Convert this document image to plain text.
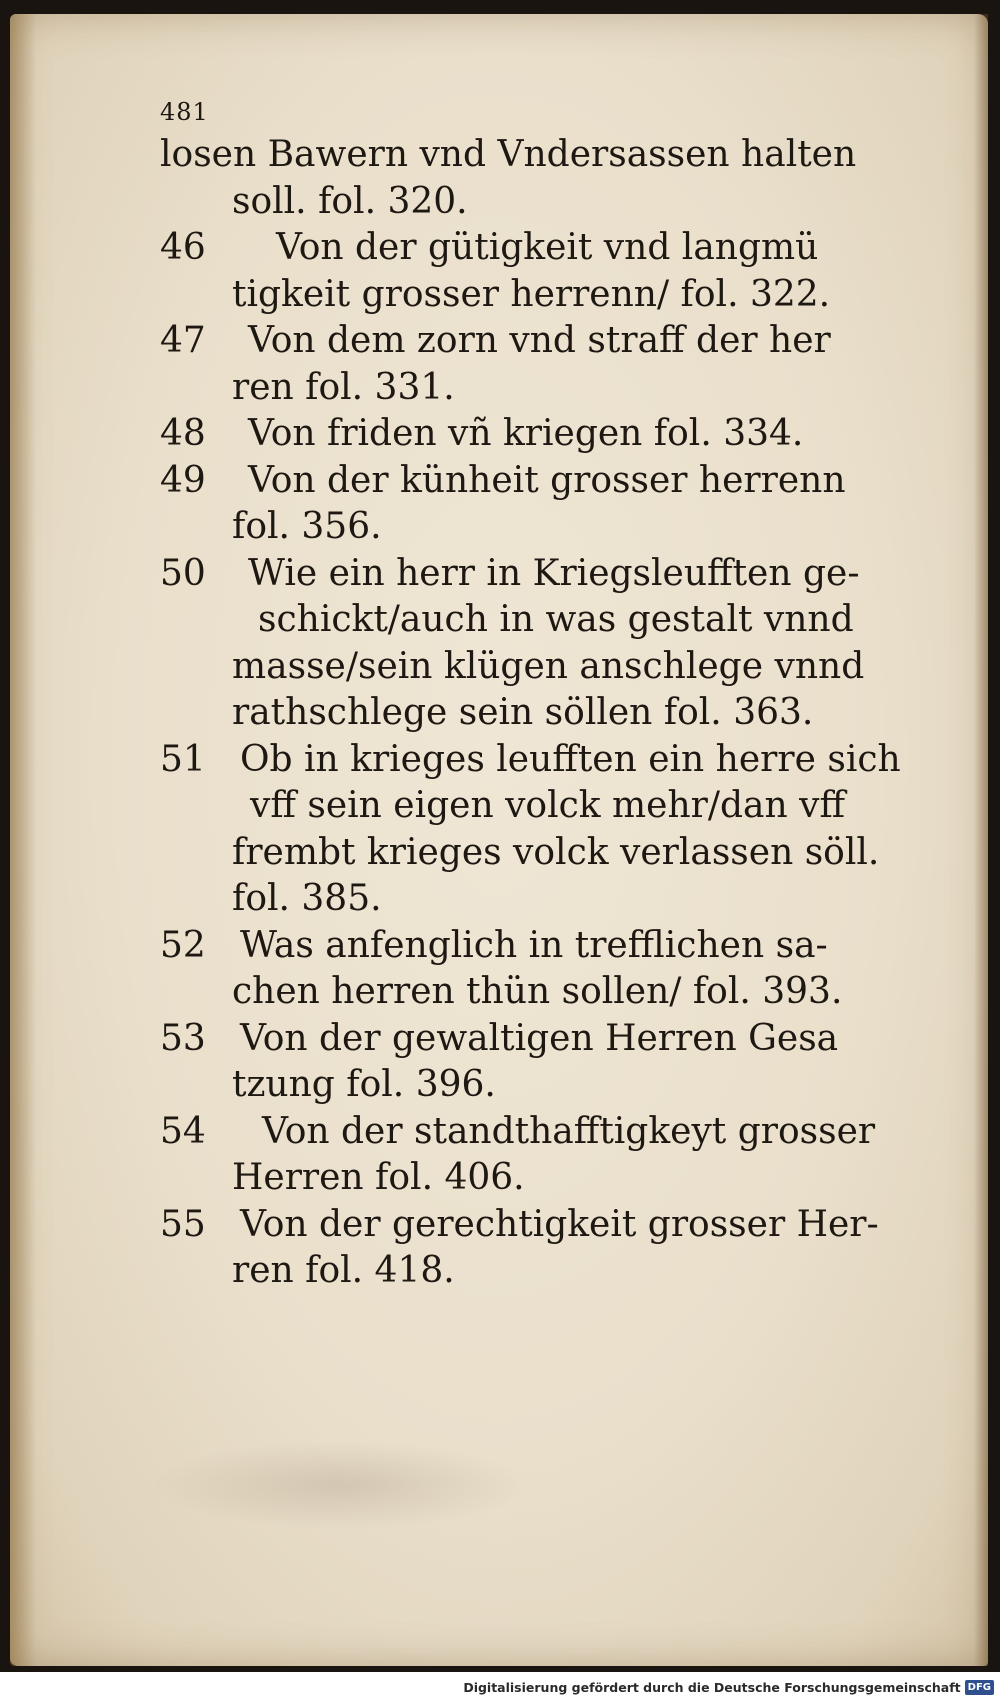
481
losen Bawern vnd Vndersassen halten
soll. fol. 320.
46	Von der gütigkeit vnd langmü
tigkeit grosser herrenn/ fol. 322.
47	Von dem zorn vnd straff der her
ren fol. 331.
48	Von friden vñ kriegen fol. 334.
49	Von der künheit grosser herrenn
fol. 356.
50	Wie ein herr in Kriegsleufften ge-
schickt/auch in was gestalt vnnd
masse/sein klügen anschlege vnnd
rathschlege sein söllen fol. 363.
51 Ob in krieges leufften ein herre sich
vff sein eigen volck mehr/dan vff
frembt krieges volck verlassen söll.
fol. 385.
52 Was anfenglich in trefflichen sa-
chen herren thün sollen/ fol. 393.
53 Von der gewaltigen Herren Gesa
tzung fol. 396.
54	Von der standthafftigkeyt grosser
Herren fol. 406.
55 Von der gerechtigkeit grosser Her-
ren fol. 418.
Digitalisierung gefördert durch die Deutsche Forschungsgemeinschaft DFG
